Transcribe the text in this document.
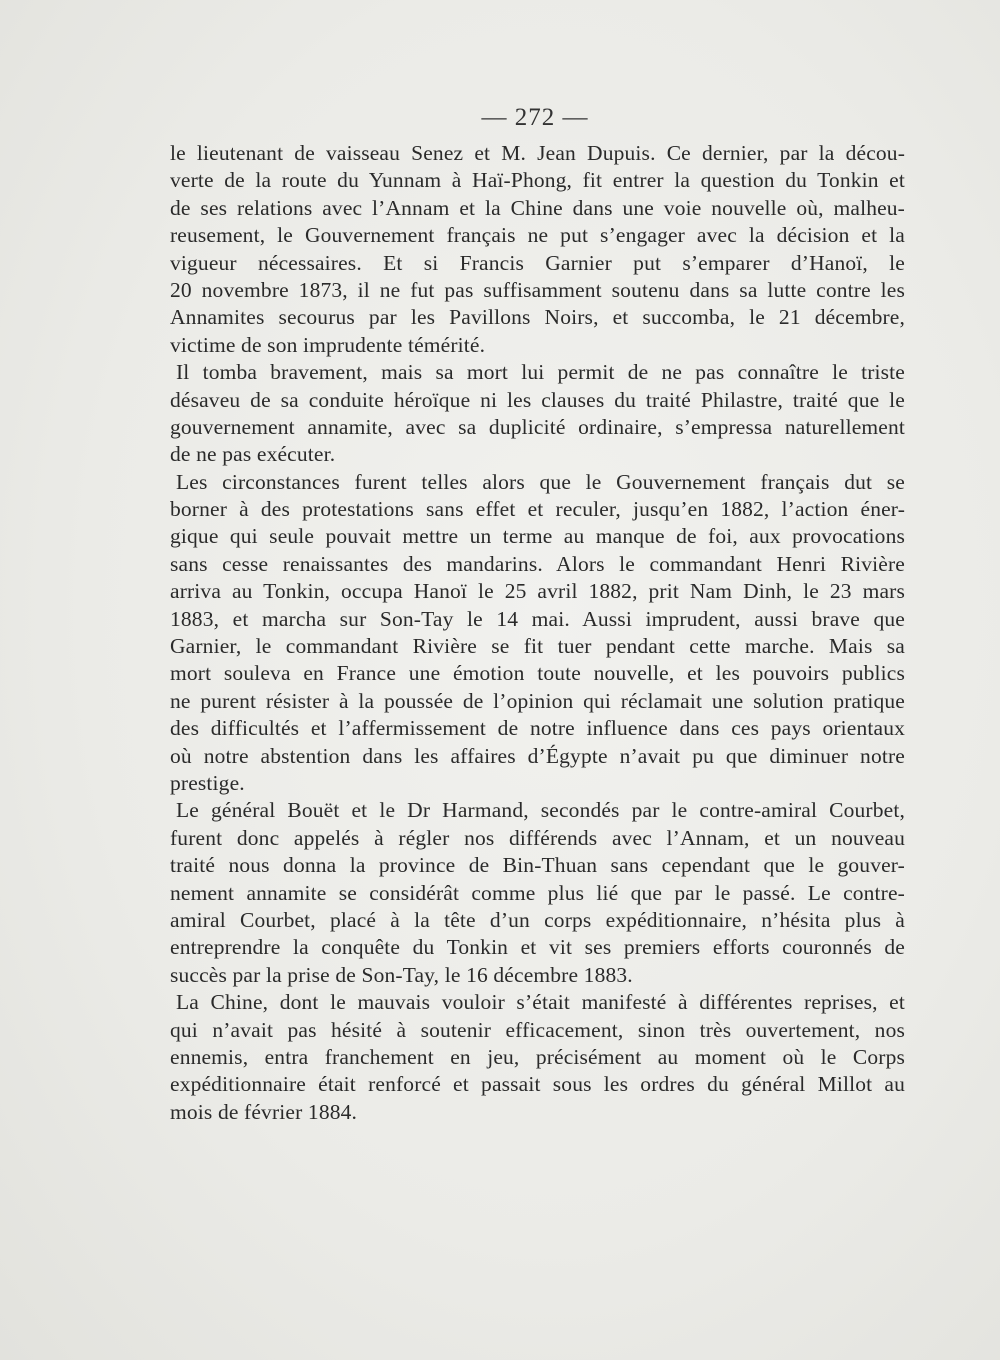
— 272 —
le lieutenant de vaisseau Senez et M. Jean Dupuis. Ce dernier, par la décou-
verte de la route du Yunnam à Haï-Phong, fit entrer la question du Tonkin et
de ses relations avec l’Annam et la Chine dans une voie nouvelle où, malheu-
reusement, le Gouvernement français ne put s’engager avec la décision et la
vigueur nécessaires. Et si Francis Garnier put s’emparer d’Hanoï, le
20 novembre 1873, il ne fut pas suffisamment soutenu dans sa lutte contre les
Annamites secourus par les Pavillons Noirs, et succomba, le 21 décembre,
victime de son imprudente témérité.
Il tomba bravement, mais sa mort lui permit de ne pas connaître le triste
désaveu de sa conduite héroïque ni les clauses du traité Philastre, traité que le
gouvernement annamite, avec sa duplicité ordinaire, s’empressa naturellement
de ne pas exécuter.
Les circonstances furent telles alors que le Gouvernement français dut se
borner à des protestations sans effet et reculer, jusqu’en 1882, l’action éner-
gique qui seule pouvait mettre un terme au manque de foi, aux provocations
sans cesse renaissantes des mandarins. Alors le commandant Henri Rivière
arriva au Tonkin, occupa Hanoï le 25 avril 1882, prit Nam Dinh, le 23 mars
1883, et marcha sur Son-Tay le 14 mai. Aussi imprudent, aussi brave que
Garnier, le commandant Rivière se fit tuer pendant cette marche. Mais sa
mort souleva en France une émotion toute nouvelle, et les pouvoirs publics
ne purent résister à la poussée de l’opinion qui réclamait une solution pratique
des difficultés et l’affermissement de notre influence dans ces pays orientaux
où notre abstention dans les affaires d’Égypte n’avait pu que diminuer notre
prestige.
Le général Bouët et le Dr Harmand, secondés par le contre-amiral Courbet,
furent donc appelés à régler nos différends avec l’Annam, et un nouveau
traité nous donna la province de Bin-Thuan sans cependant que le gouver-
nement annamite se considérât comme plus lié que par le passé. Le contre-
amiral Courbet, placé à la tête d’un corps expéditionnaire, n’hésita plus à
entreprendre la conquête du Tonkin et vit ses premiers efforts couronnés de
succès par la prise de Son-Tay, le 16 décembre 1883.
La Chine, dont le mauvais vouloir s’était manifesté à différentes reprises, et
qui n’avait pas hésité à soutenir efficacement, sinon très ouvertement, nos
ennemis, entra franchement en jeu, précisément au moment où le Corps
expéditionnaire était renforcé et passait sous les ordres du général Millot au
mois de février 1884.
